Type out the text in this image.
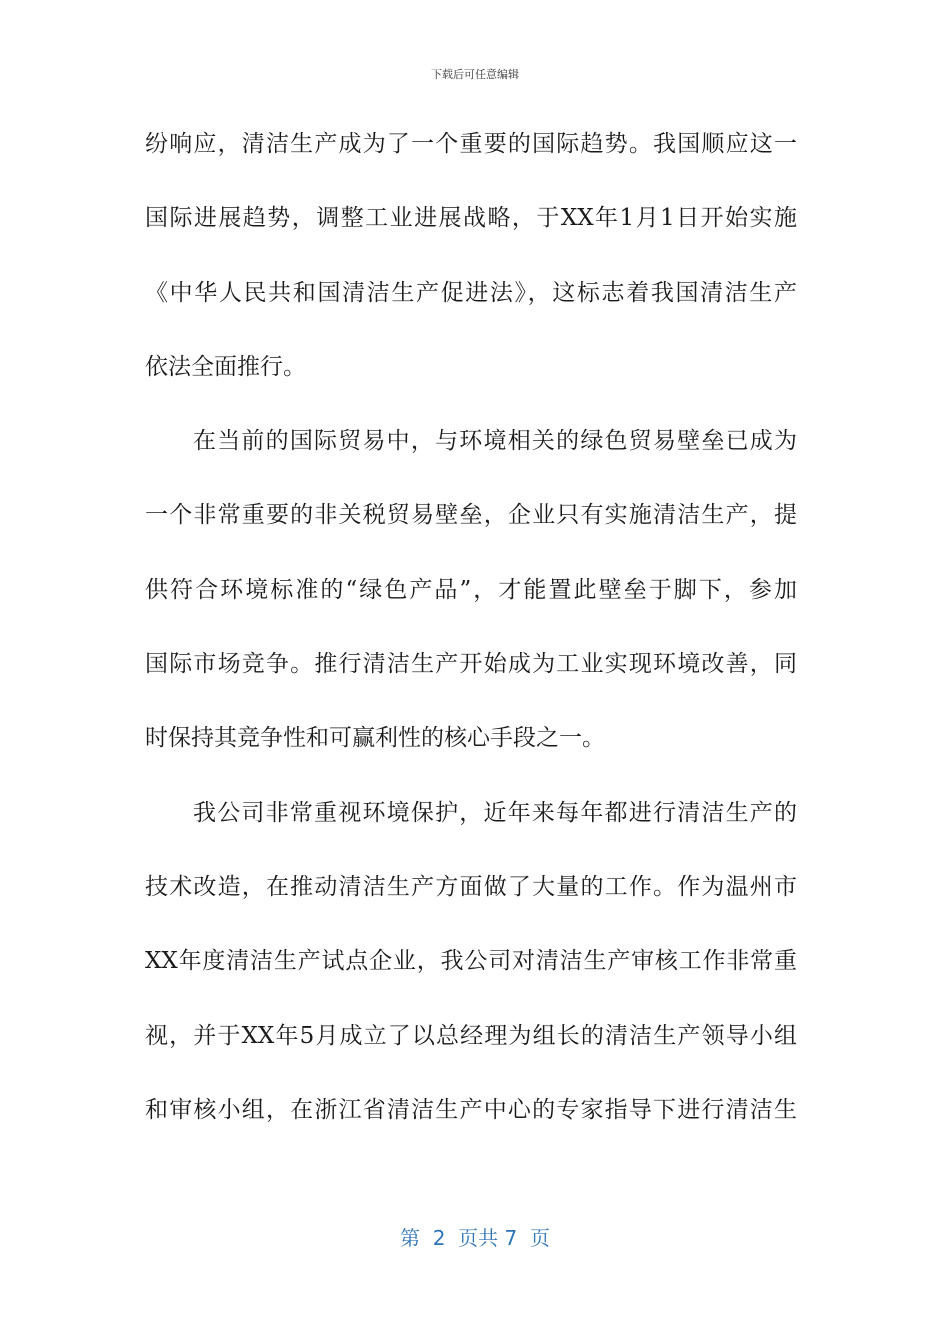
下载后可任意编辑
纷响应，清洁生产成为了一个重要的国际趋势。我国顺应这一
国际进展趋势，调整工业进展战略，于XX年1月1日开始实施
《中华人民共和国清洁生产促进法》，这标志着我国清洁生产
依法全面推行。
在当前的国际贸易中，与环境相关的绿色贸易壁垒已成为
一个非常重要的非关税贸易壁垒，企业只有实施清洁生产，提
供符合环境标准的“绿色产品”，才能置此壁垒于脚下，参加
国际市场竞争。推行清洁生产开始成为工业实现环境改善，同
时保持其竞争性和可赢利性的核心手段之一。
我公司非常重视环境保护，近年来每年都进行清洁生产的
技术改造，在推动清洁生产方面做了大量的工作。作为温州市
XX年度清洁生产试点企业，我公司对清洁生产审核工作非常重
视，并于XX年5月成立了以总经理为组长的清洁生产领导小组
和审核小组，在浙江省清洁生产中心的专家指导下进行清洁生
第  2  页共 7  页
